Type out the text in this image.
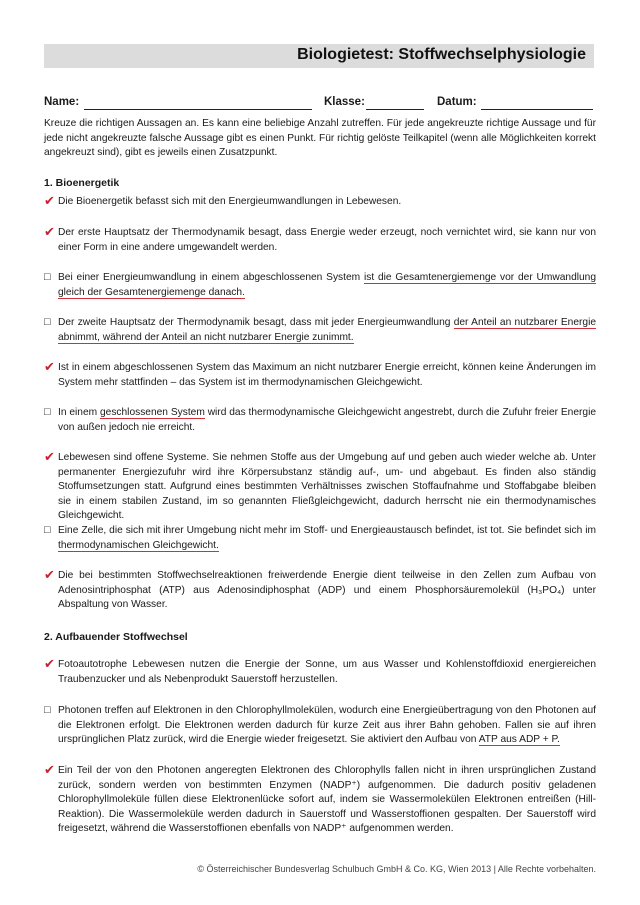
Biologietest: Stoffwechselphysiologie
Name:	Klasse:	Datum:
Kreuze die richtigen Aussagen an. Es kann eine beliebige Anzahl zutreffen. Für jede angekreuzte richtige Aussage und für jede nicht angekreuzte falsche Aussage gibt es einen Punkt. Für richtig gelöste Teilkapitel (wenn alle Möglichkeiten korrekt angekreuzt sind), gibt es jeweils einen Zusatzpunkt.
1. Bioenergetik
✔ Die Bioenergetik befasst sich mit den Energieumwandlungen in Lebewesen.
✔ Der erste Hauptsatz der Thermodynamik besagt, dass Energie weder erzeugt, noch vernichtet wird, sie kann nur von einer Form in eine andere umgewandelt werden.
□ Bei einer Energieumwandlung in einem abgeschlossenen System ist die Gesamtenergiemenge vor der Umwandlung gleich der Gesamtenergiemenge danach.
□ Der zweite Hauptsatz der Thermodynamik besagt, dass mit jeder Energieumwandlung der Anteil an nutzbarer Energie abnimmt, während der Anteil an nicht nutzbarer Energie zunimmt.
✔ Ist in einem abgeschlossenen System das Maximum an nicht nutzbarer Energie erreicht, können keine Änderungen im System mehr stattfinden – das System ist im thermodynamischen Gleichgewicht.
□ In einem geschlossenen System wird das thermodynamische Gleichgewicht angestrebt, durch die Zufuhr freier Energie von außen jedoch nie erreicht.
✔ Lebewesen sind offene Systeme. Sie nehmen Stoffe aus der Umgebung auf und geben auch wieder welche ab. Unter permanenter Energiezufuhr wird ihre Körpersubstanz ständig auf-, um- und abgebaut. Es finden also ständig Stoffumsetzungen statt. Aufgrund eines bestimmten Verhältnisses zwischen Stoffaufnahme und Stoffabgabe bleiben sie in einem stabilen Zustand, im so genannten Fließgleichgewicht, dadurch herrscht nie ein thermodynamisches Gleichgewicht.
□ Eine Zelle, die sich mit ihrer Umgebung nicht mehr im Stoff- und Energieaustausch befindet, ist tot. Sie befindet sich im thermodynamischen Gleichgewicht.
✔ Die bei bestimmten Stoffwechselreaktionen freiwerdende Energie dient teilweise in den Zellen zum Aufbau von Adenosintriphosphat (ATP) aus Adenosindiphosphat (ADP) und einem Phosphorsäuremolekül (H₃PO₄) unter Abspaltung von Wasser.
2. Aufbauender Stoffwechsel
✔ Fotoautotrophe Lebewesen nutzen die Energie der Sonne, um aus Wasser und Kohlenstoffdioxid energiereichen Traubenzucker und als Nebenprodukt Sauerstoff herzustellen.
□ Photonen treffen auf Elektronen in den Chlorophyllmolekülen, wodurch eine Energieübertragung von den Photonen auf die Elektronen erfolgt. Die Elektronen werden dadurch für kurze Zeit aus ihrer Bahn gehoben. Fallen sie auf ihren ursprünglichen Platz zurück, wird die Energie wieder freigesetzt. Sie aktiviert den Aufbau von ATP aus ADP + P.
✔ Ein Teil der von den Photonen angeregten Elektronen des Chlorophylls fallen nicht in ihren ursprünglichen Zustand zurück, sondern werden von bestimmten Enzymen (NADP⁺) aufgenommen. Die dadurch positiv geladenen Chlorophyllmoleküle füllen diese Elektronenlücke sofort auf, indem sie Wassermolekülen Elektronen entreißen (Hill-Reaktion). Die Wassermoleküle werden dadurch in Sauerstoff und Wasserstoffionen gespalten. Der Sauerstoff wird freigesetzt, während die Wasserstoffionen ebenfalls von NADP⁺ aufgenommen werden.
© Österreichischer Bundesverlag Schulbuch GmbH & Co. KG, Wien 2013 | Alle Rechte vorbehalten.
